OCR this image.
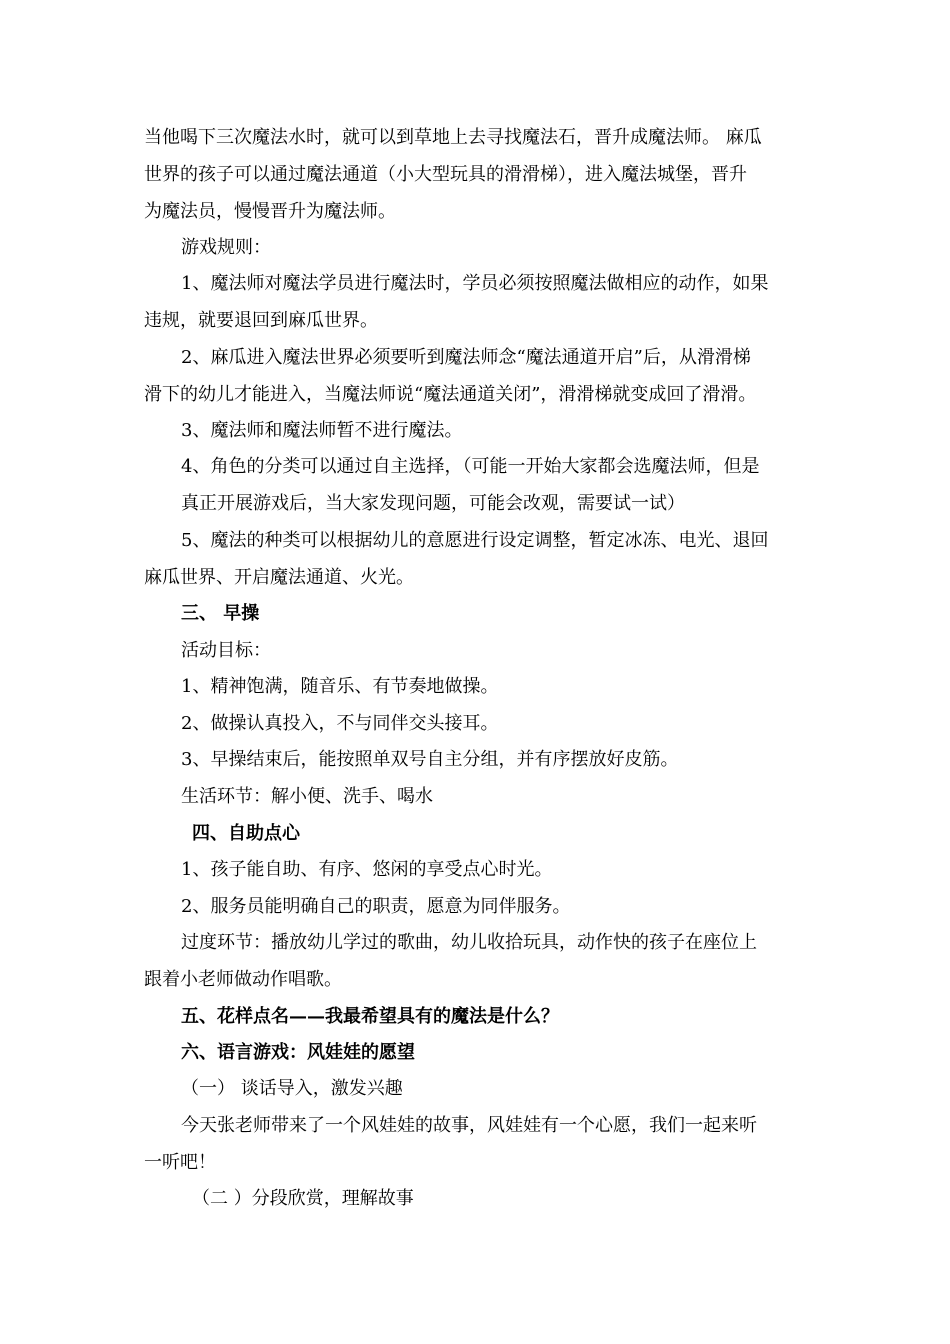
当他喝下三次魔法水时，就可以到草地上去寻找魔法石，晋升成魔法师。 麻瓜
世界的孩子可以通过魔法通道（小大型玩具的滑滑梯），进入魔法城堡，晋升
为魔法员，慢慢晋升为魔法师。
游戏规则：
1、魔法师对魔法学员进行魔法时，学员必须按照魔法做相应的动作，如果
违规，就要退回到麻瓜世界。
2、麻瓜进入魔法世界必须要听到魔法师念“魔法通道开启”后，从滑滑梯
滑下的幼儿才能进入，当魔法师说“魔法通道关闭”，滑滑梯就变成回了滑滑。
3、魔法师和魔法师暂不进行魔法。
4、角色的分类可以通过自主选择，（可能一开始大家都会选魔法师，但是
真正开展游戏后，当大家发现问题，可能会改观，需要试一试）
5、魔法的种类可以根据幼儿的意愿进行设定调整，暂定冰冻、电光、退回
麻瓜世界、开启魔法通道、火光。
三、 早操
活动目标：
1、精神饱满，随音乐、有节奏地做操。
2、做操认真投入，不与同伴交头接耳。
3、早操结束后，能按照单双号自主分组，并有序摆放好皮筋。
生活环节：解小便、洗手、喝水
四、自助点心
1、孩子能自助、有序、悠闲的享受点心时光。
2、服务员能明确自己的职责，愿意为同伴服务。
过度环节：播放幼儿学过的歌曲，幼儿收拾玩具，动作快的孩子在座位上
跟着小老师做动作唱歌。
五、花样点名——我最希望具有的魔法是什么？
六、语言游戏：风娃娃的愿望
（一） 谈话导入，激发兴趣
今天张老师带来了一个风娃娃的故事，风娃娃有一个心愿，我们一起来听
一听吧！
（二 ）分段欣赏，理解故事
